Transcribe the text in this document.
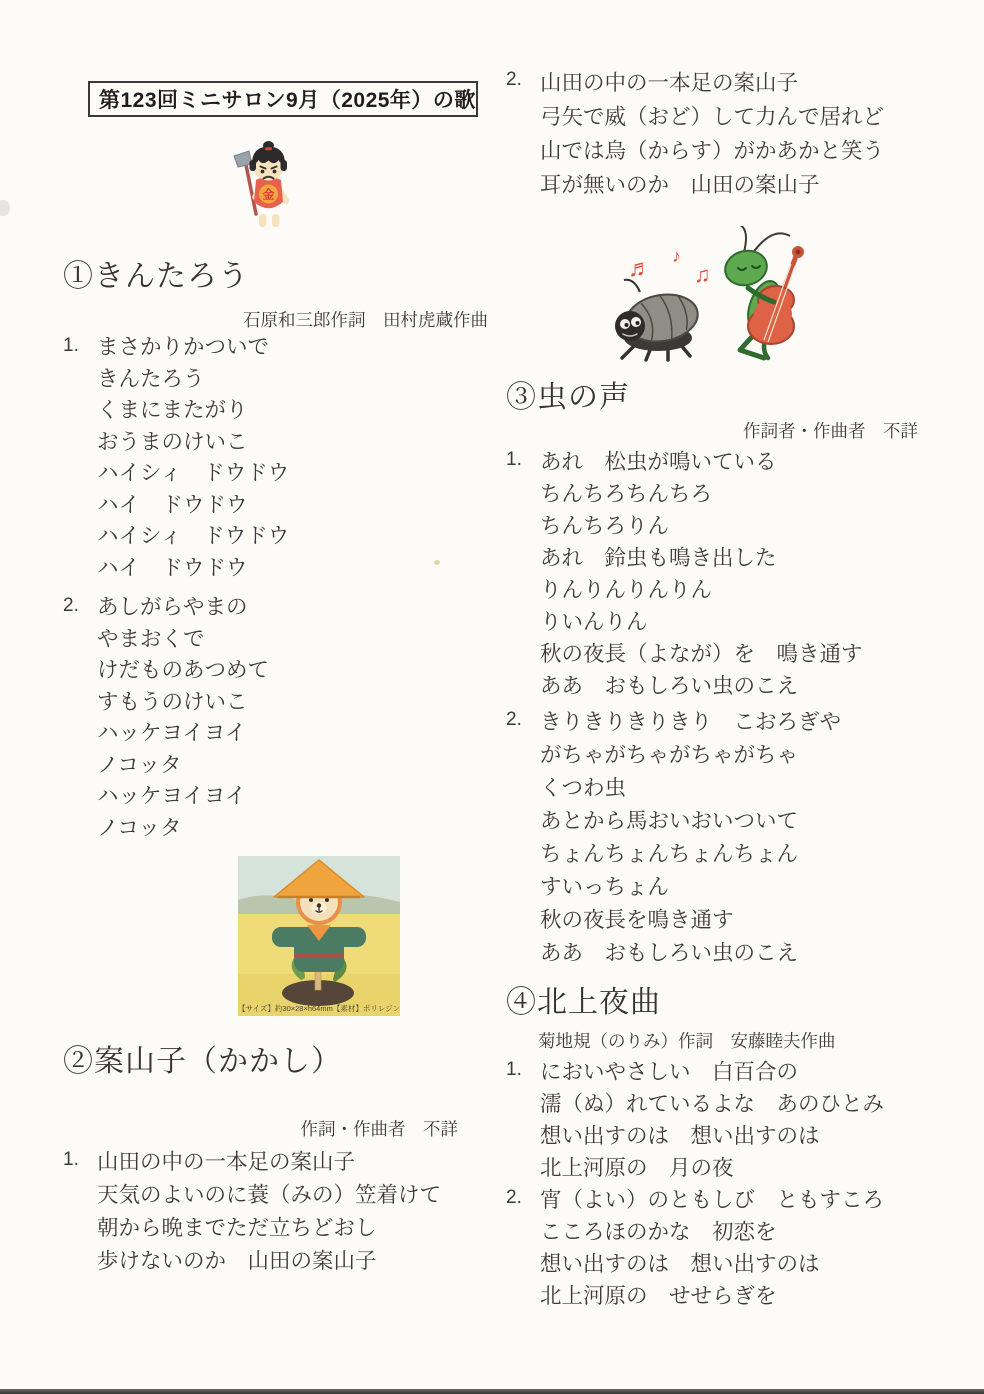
第123回ミニサロン9月（2025年）の歌
金
①きんたろう
石原和三郎作詞　田村虎蔵作曲
1. まさかりかついで
きんたろう
くまにまたがり
おうまのけいこ
ハイシィ　ドウドウ
ハイ　ドウドウ
ハイシィ　ドウドウ
ハイ　ドウドウ
2. あしがらやまの
やまおくで
けだものあつめて
すもうのけいこ
ハッケヨイヨイ
ノコッタ
ハッケヨイヨイ
ノコッタ
【サイズ】約30×28×h64mm【素材】ポリレジン
②案山子（かかし）
作詞・作曲者　不詳
1. 山田の中の一本足の案山子
天気のよいのに蓑（みの）笠着けて
朝から晩までただ立ちどおし
歩けないのか　山田の案山子
2. 山田の中の一本足の案山子
弓矢で威（おど）して力んで居れど
山では烏（からす）がかあかと笑う
耳が無いのか　山田の案山子
♬ ♪
♫
③虫の声
作詞者・作曲者　不詳
1. あれ　松虫が鳴いている
ちんちろちんちろ
ちんちろりん
あれ　鈴虫も鳴き出した
りんりんりんりん
りいんりん
秋の夜長（よなが）を　鳴き通す
ああ　おもしろい虫のこえ
2. きりきりきりきり　こおろぎや
がちゃがちゃがちゃがちゃ
くつわ虫
あとから馬おいおいついて
ちょんちょんちょんちょん
すいっちょん
秋の夜長を鳴き通す
ああ　おもしろい虫のこえ
④北上夜曲
菊地規（のりみ）作詞　安藤睦夫作曲
1. においやさしい　白百合の
濡（ぬ）れているよな　あのひとみ
想い出すのは　想い出すのは
北上河原の　月の夜
2. 宵（よい）のともしび　ともすころ
こころほのかな　初恋を
想い出すのは　想い出すのは
北上河原の　せせらぎを
